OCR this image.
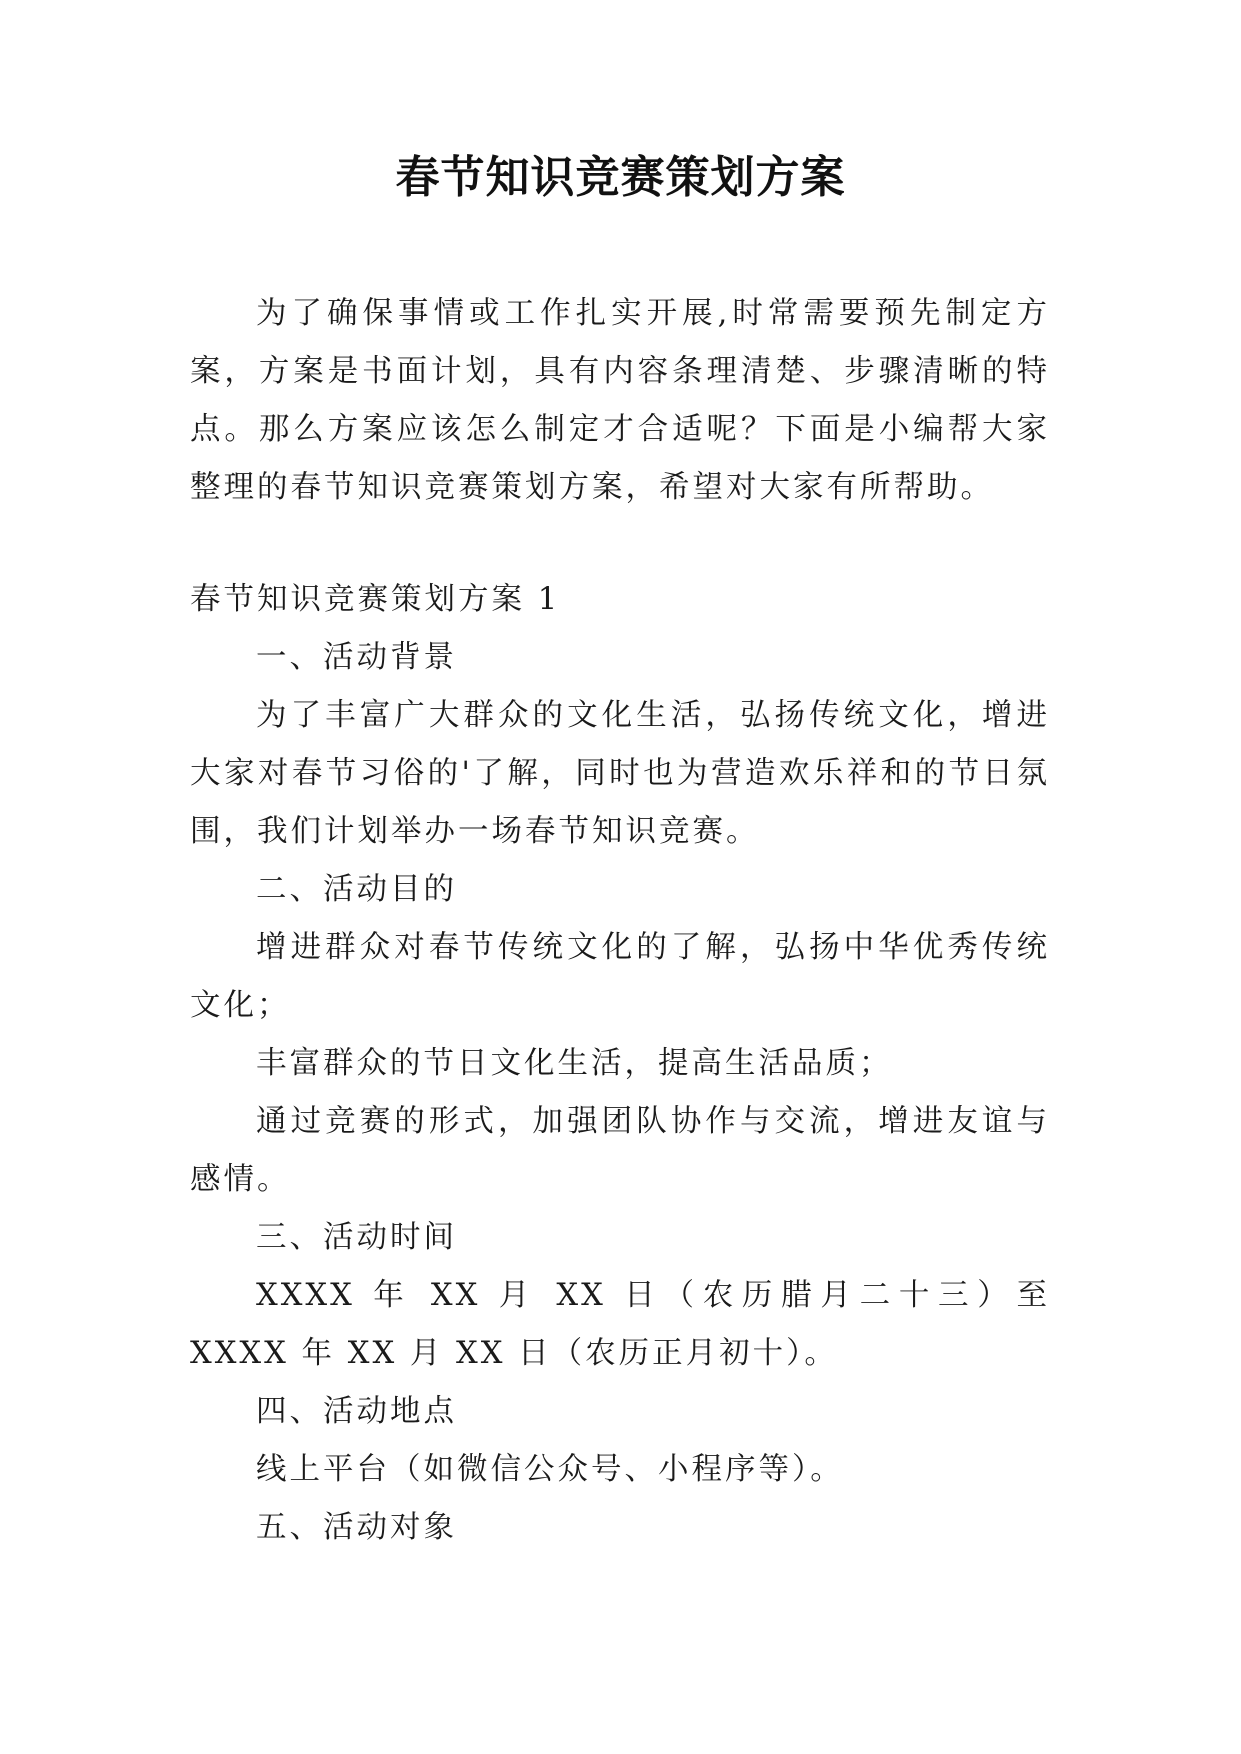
春节知识竞赛策划方案

为了确保事情或工作扎实开展,时常需要预先制定方案，方案是书面计划，具有内容条理清楚、步骤清晰的特点。那么方案应该怎么制定才合适呢？下面是小编帮大家整理的春节知识竞赛策划方案，希望对大家有所帮助。

春节知识竞赛策划方案 1

一、活动背景

为了丰富广大群众的文化生活，弘扬传统文化，增进大家对春节习俗的'了解，同时也为营造欢乐祥和的节日氛围，我们计划举办一场春节知识竞赛。

二、活动目的

增进群众对春节传统文化的了解，弘扬中华优秀传统文化；

丰富群众的节日文化生活，提高生活品质；

通过竞赛的形式，加强团队协作与交流，增进友谊与感情。

三、活动时间

XXXX 年 XX 月 XX 日（农历腊月二十三）至 XXXX 年 XX 月 XX 日（农历正月初十）。

四、活动地点

线上平台（如微信公众号、小程序等）。

五、活动对象
